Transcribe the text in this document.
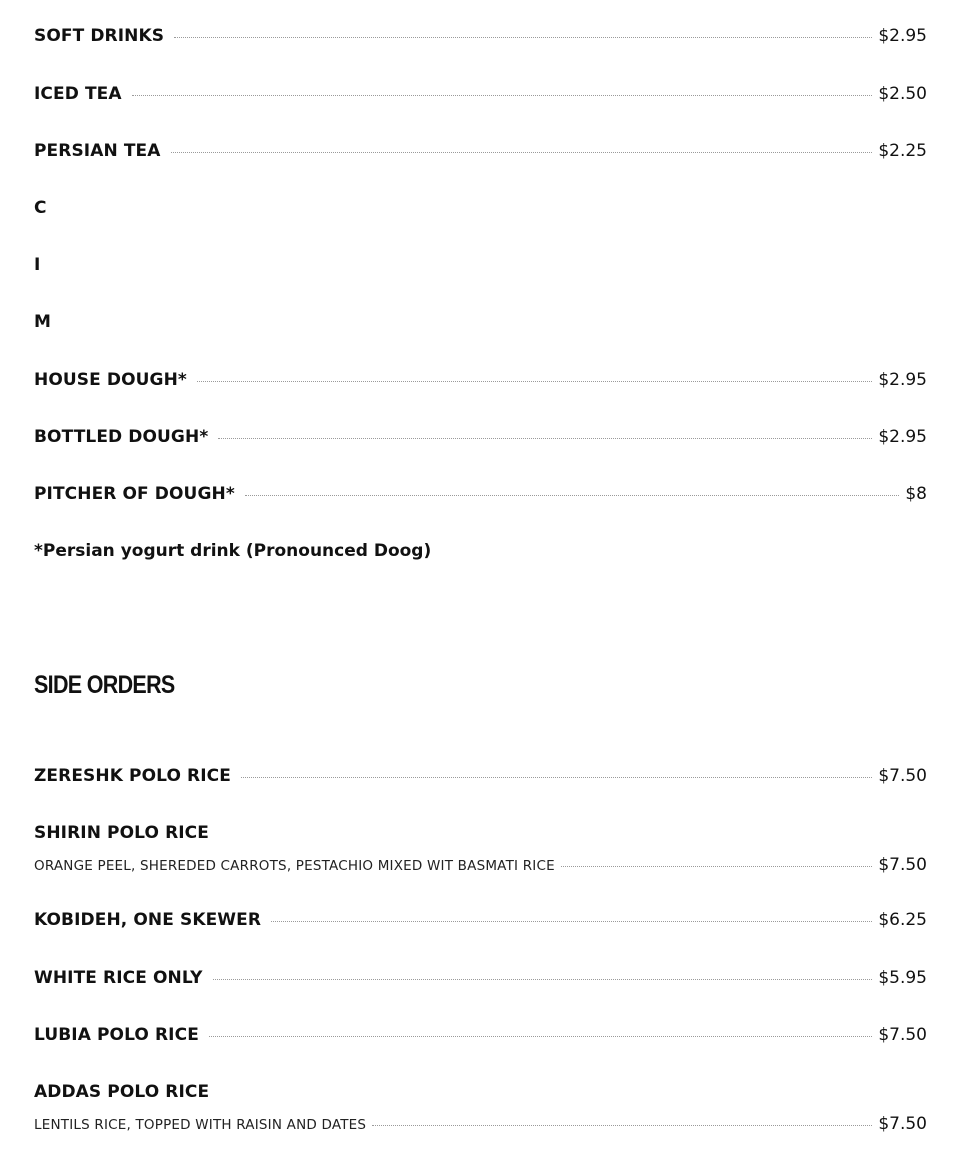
SOFT DRINKS	$2.95
ICED TEA	$2.50
PERSIAN TEA	$2.25
C
I
M
HOUSE DOUGH*	$2.95
BOTTLED DOUGH*	$2.95
PITCHER OF DOUGH*	$8
*Persian yogurt drink (Pronounced Doog)
SIDE ORDERS
ZERESHK POLO RICE	$7.50
SHIRIN POLO RICE
ORANGE PEEL, SHEREDED CARROTS, PESTACHIO MIXED WIT BASMATI RICE	$7.50
KOBIDEH, ONE SKEWER	$6.25
WHITE RICE ONLY	$5.95
LUBIA POLO RICE	$7.50
ADDAS POLO RICE
LENTILS RICE, TOPPED WITH RAISIN AND DATES	$7.50
